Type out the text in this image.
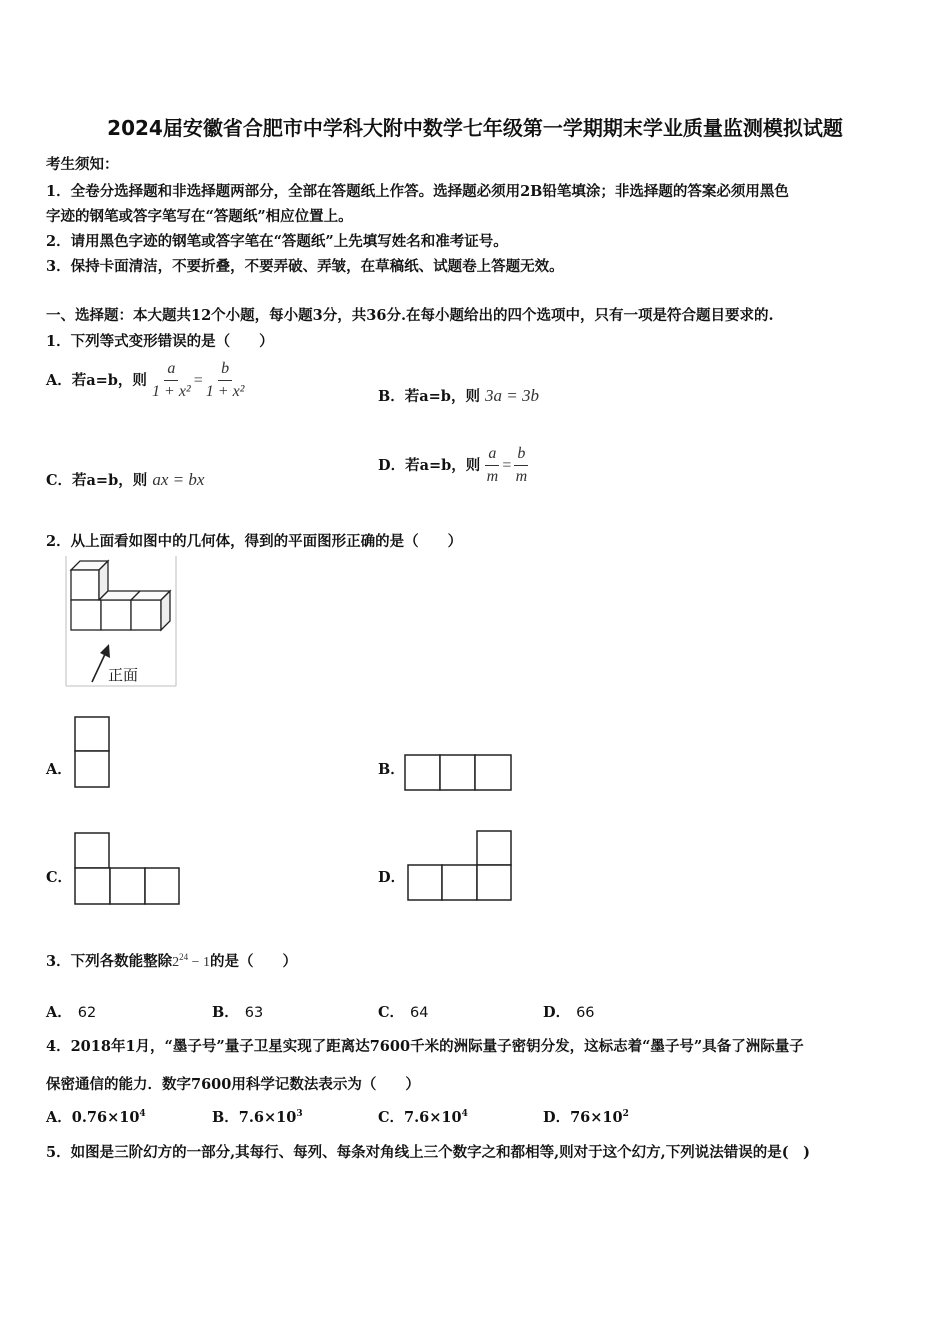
2024届安徽省合肥市中学科大附中数学七年级第一学期期末学业质量监测模拟试题
考生须知：
1．全卷分选择题和非选择题两部分，全部在答题纸上作答。选择题必须用2B铅笔填涂；非选择题的答案必须用黑色
字迹的钢笔或答字笔写在“答题纸”相应位置上。
2．请用黑色字迹的钢笔或答字笔在“答题纸”上先填写姓名和准考证号。
3．保持卡面清洁，不要折叠，不要弄破、弄皱，在草稿纸、试题卷上答题无效。
一、选择题：本大题共12个小题，每小题3分，共36分.在每小题给出的四个选项中，只有一项是符合题目要求的.
1．下列等式变形错误的是（　　）
A．若a=b，则 $\frac{a}{\text{1 + x²}} = \frac{b}{\text{1 + x²}}$	B．若a=b，则 3a = 3b
C．若a=b，则 ax = bx
D．若a=b，则 $\frac{a}{m} = \frac{b}{m}$
2．从上面看如图中的几何体，得到的平面图形正确的是（　　）
正面
A．	B．
C．	D．
3．下列各数能整除$2^{24} - 1$的是（　　）
A． 62	B． 63	C． 64	D． 66
4．2018年1月，“墨子号”量子卫星实现了距离达7600千米的洲际量子密钥分发，这标志着“墨子号”具备了洲际量子
保密通信的能力．数字7600用科学记数法表示为（　　）
A．$0.76\times 10^4$	B．$7.6\times 10^3$	C．$7.6\times 10^4$	D．$76\times 10^2$
5．如图是三阶幻方的一部分,其每行、每列、每条对角线上三个数字之和都相等,则对于这个幻方,下列说法错误的是(　)
